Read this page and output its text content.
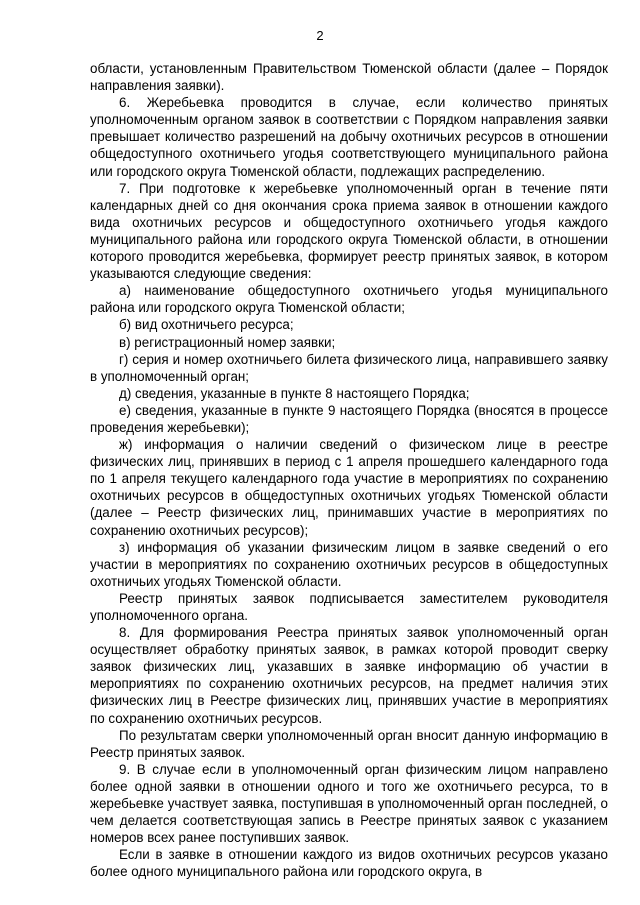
2

области, установленным Правительством Тюменской области (далее – Порядок направления заявки).

6. Жеребьевка проводится в случае, если количество принятых уполномоченным органом заявок в соответствии с Порядком направления заявки превышает количество разрешений на добычу охотничьих ресурсов в отношении общедоступного охотничьего угодья соответствующего муниципального района или городского округа Тюменской области, подлежащих распределению.

7. При подготовке к жеребьевке уполномоченный орган в течение пяти календарных дней со дня окончания срока приема заявок в отношении каждого вида охотничьих ресурсов и общедоступного охотничьего угодья каждого муниципального района или городского округа Тюменской области, в отношении которого проводится жеребьевка, формирует реестр принятых заявок, в котором указываются следующие сведения:

а) наименование общедоступного охотничьего угодья муниципального района или городского округа Тюменской области;

б) вид охотничьего ресурса;

в) регистрационный номер заявки;

г) серия и номер охотничьего билета физического лица, направившего заявку в уполномоченный орган;

д) сведения, указанные в пункте 8 настоящего Порядка;

е) сведения, указанные в пункте 9 настоящего Порядка (вносятся в процессе проведения жеребьевки);

ж) информация о наличии сведений о физическом лице в реестре физических лиц, принявших в период с 1 апреля прошедшего календарного года по 1 апреля текущего календарного года участие в мероприятиях по сохранению охотничьих ресурсов в общедоступных охотничьих угодьях Тюменской области (далее – Реестр физических лиц, принимавших участие в мероприятиях по сохранению охотничьих ресурсов);

з) информация об указании физическим лицом в заявке сведений о его участии в мероприятиях по сохранению охотничьих ресурсов в общедоступных охотничьих угодьях Тюменской области.

Реестр принятых заявок подписывается заместителем руководителя уполномоченного органа.

8. Для формирования Реестра принятых заявок уполномоченный орган осуществляет обработку принятых заявок, в рамках которой проводит сверку заявок физических лиц, указавших в заявке информацию об участии в мероприятиях по сохранению охотничьих ресурсов, на предмет наличия этих физических лиц в Реестре физических лиц, принявших участие в мероприятиях по сохранению охотничьих ресурсов.

По результатам сверки уполномоченный орган вносит данную информацию в Реестр принятых заявок.

9. В случае если в уполномоченный орган физическим лицом направлено более одной заявки в отношении одного и того же охотничьего ресурса, то в жеребьевке участвует заявка, поступившая в уполномоченный орган последней, о чем делается соответствующая запись в Реестре принятых заявок с указанием номеров всех ранее поступивших заявок.

Если в заявке в отношении каждого из видов охотничьих ресурсов указано более одного муниципального района или городского округа, в
